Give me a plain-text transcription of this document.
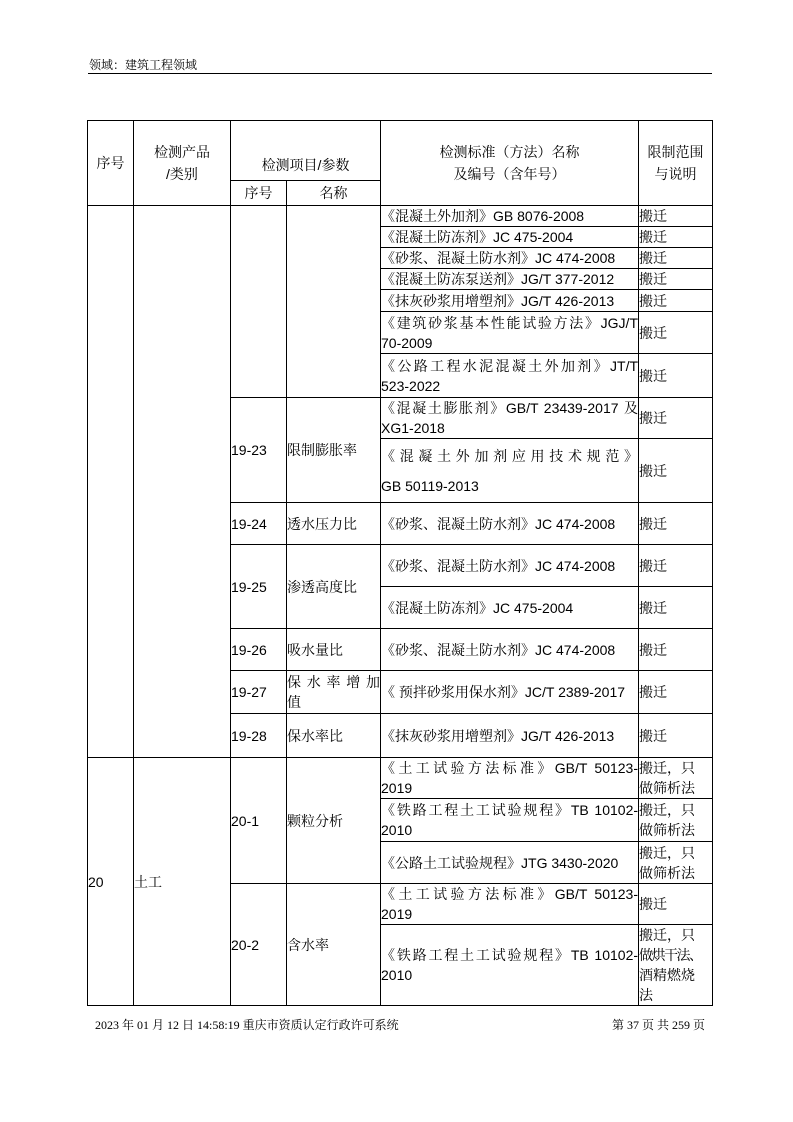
领域：建筑工程领域
序号	检测产品
/类别	检测项目/参数		检测标准（方法）名称
及编号（含年号）	限制范围
与说明

		序号	名称		

				《混凝土外加剂》GB 8076-2008	搬迁

				《混凝土防冻剂》JC 475-2004	搬迁

				《砂浆、混凝土防水剂》JC 474-2008	搬迁

				《混凝土防冻泵送剂》JG/T 377-2012	搬迁

				《抹灰砂浆用增塑剂》JG/T 426-2013	搬迁

				《建筑砂浆基本性能试验方法》JGJ/T
70-2009	搬迁

				《公路工程水泥混凝土外加剂》JT/T
523-2022	搬迁

		19-23	限制膨胀率	《混凝土膨胀剂》GB/T 23439-2017 及
XG1-2018	搬迁

				《混凝土外加剂应用技术规范》
GB 50119-2013	搬迁

		19-24	透水压力比	《砂浆、混凝土防水剂》JC 474-2008	搬迁

		19-25	渗透高度比	《砂浆、混凝土防水剂》JC 474-2008	搬迁

				《混凝土防冻剂》JC 475-2004	搬迁

		19-26	吸水量比	《砂浆、混凝土防水剂》JC 474-2008	搬迁

		19-27	保水率增加
值	《 预拌砂浆用保水剂》JC/T 2389-2017	搬迁

		19-28	保水率比	《抹灰砂浆用增塑剂》JG/T 426-2013	搬迁

20	土工	20-1	颗粒分析	《土工试验方法标准》GB/T 50123-
2019	搬迁，只
做筛析法

				《铁路工程土工试验规程》TB 10102-
2010	搬迁，只
做筛析法

				《公路土工试验规程》JTG 3430-2020	搬迁，只
做筛析法

		20-2	含水率	《土工试验方法标准》GB/T 50123-
2019	搬迁

				《铁路工程土工试验规程》TB 10102-
2010	搬迁，只
做烘干法、
酒精燃烧
法
2023 年 01 月 12 日 14:58:19 重庆市资质认定行政许可系统	第 37 页 共 259 页
